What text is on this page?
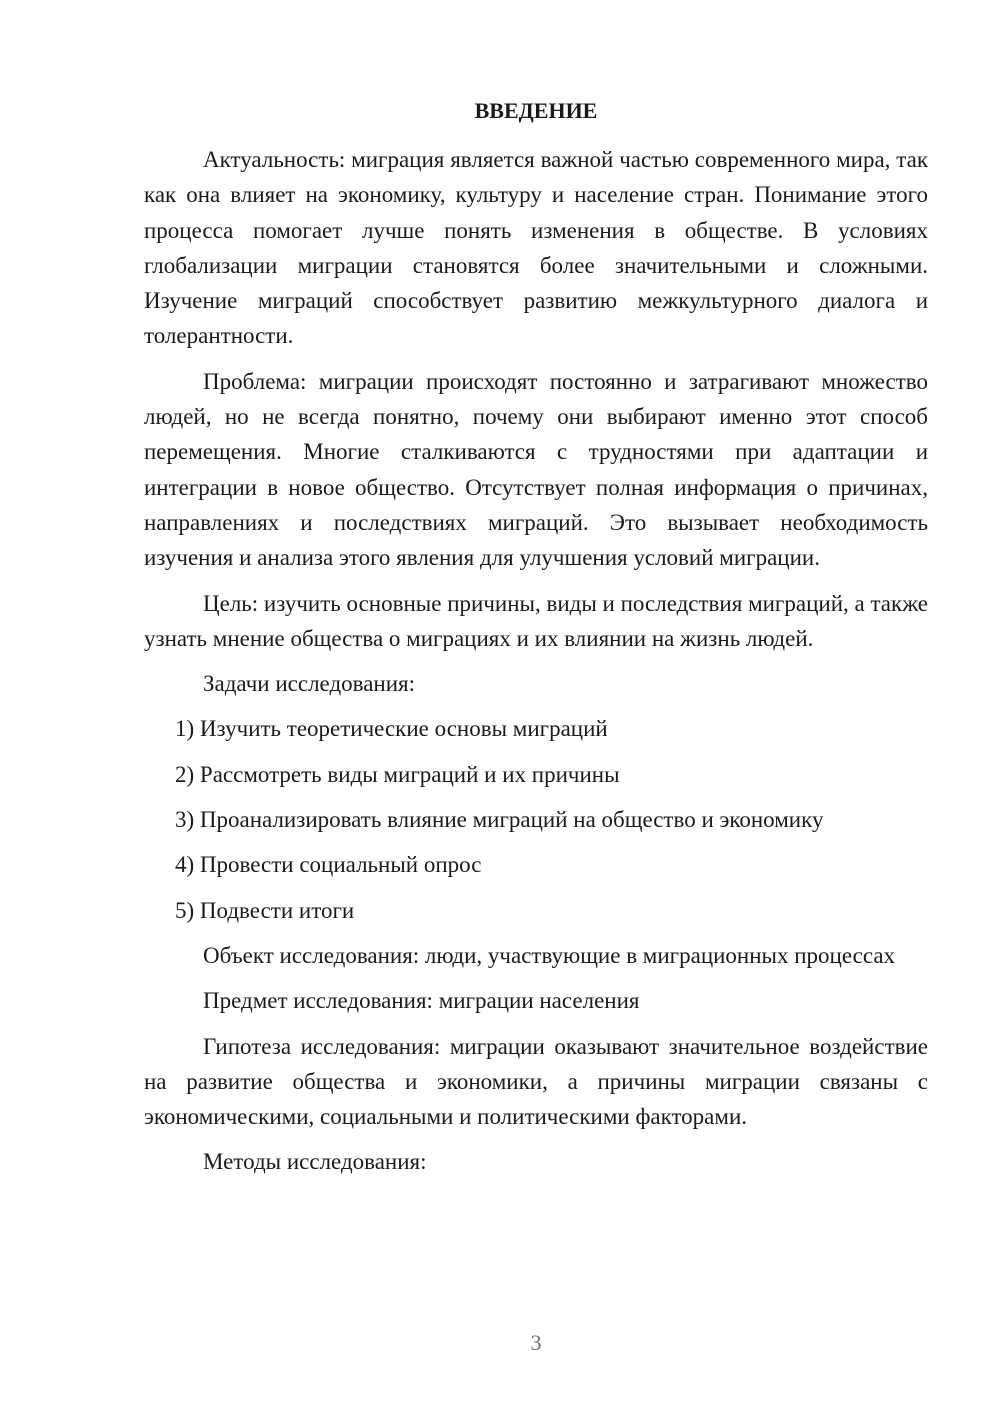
ВВЕДЕНИЕ

Актуальность: миграция является важной частью современного мира, так как она влияет на экономику, культуру и население стран. Понимание этого процесса помогает лучше понять изменения в обществе. В условиях глобализации миграции становятся более значительными и сложными. Изучение миграций способствует развитию межкультурного диалога и толерантности.

Проблема: миграции происходят постоянно и затрагивают множество людей, но не всегда понятно, почему они выбирают именно этот способ перемещения. Многие сталкиваются с трудностями при адаптации и интеграции в новое общество. Отсутствует полная информация о причинах, направлениях и последствиях миграций. Это вызывает необходимость изучения и анализа этого явления для улучшения условий миграции.

Цель: изучить основные причины, виды и последствия миграций, а также узнать мнение общества о миграциях и их влиянии на жизнь людей.

Задачи исследования:

1) Изучить теоретические основы миграций
2) Рассмотреть виды миграций и их причины
3) Проанализировать влияние миграций на общество и экономику
4) Провести социальный опрос
5) Подвести итоги

Объект исследования: люди, участвующие в миграционных процессах

Предмет исследования: миграции населения

Гипотеза исследования: миграции оказывают значительное воздействие на развитие общества и экономики, а причины миграции связаны с экономическими, социальными и политическими факторами.

Методы исследования:

3
